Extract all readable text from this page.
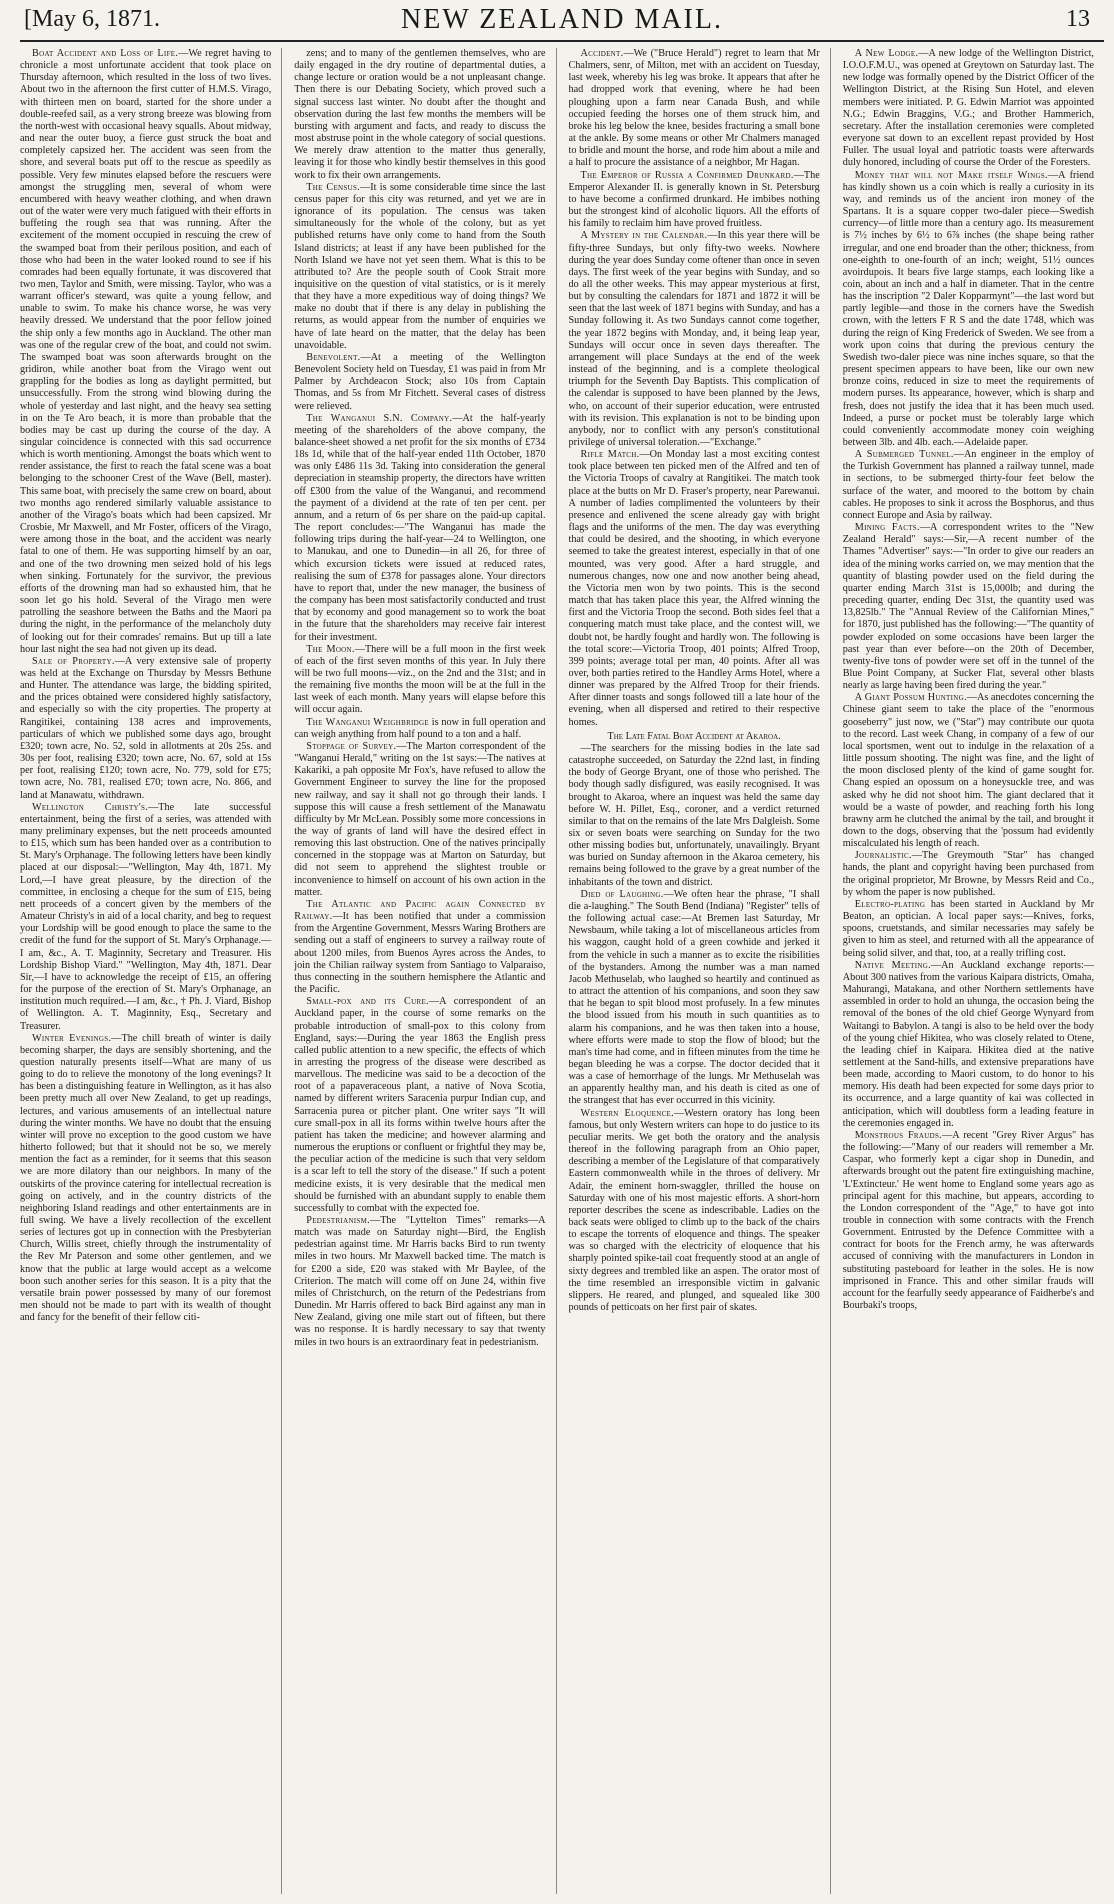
[May 6, 1871.	NEW ZEALAND MAIL.	13

Boat Accident and Loss of Life.—We regret having to chronicle a most unfortunate accident that took place on Thursday afternoon, which resulted in the loss of two lives. About two in the afternoon the first cutter of H.M.S. Virago, with thirteen men on board, started for the shore under a double-reefed sail, as a very strong breeze was blowing from the north-west with occasional heavy squalls. About midway, and near the outer buoy, a fierce gust struck the boat and completely capsized her. The accident was seen from the shore, and several boats put off to the rescue as speedily as possible. Very few minutes elapsed before the rescuers were amongst the struggling men, several of whom were encumbered with heavy weather clothing, and when drawn out of the water were very much fatigued with their efforts in buffeting the rough sea that was running. After the excitement of the moment occupied in rescuing the crew of the swamped boat from their perilous position, and each of those who had been in the water looked round to see if his comrades had been equally fortunate, it was discovered that two men, Taylor and Smith, were missing. Taylor, who was a warrant officer's steward, was quite a young fellow, and unable to swim. To make his chance worse, he was very heavily dressed. We understand that the poor fellow joined the ship only a few months ago in Auckland. The other man was one of the regular crew of the boat, and could not swim. The swamped boat was soon afterwards brought on the gridiron, while another boat from the Virago went out grappling for the bodies as long as daylight permitted, but unsuccessfully. From the strong wind blowing during the whole of yesterday and last night, and the heavy sea setting in on the Te Aro beach, it is more than probable that the bodies may be cast up during the course of the day. A singular coincidence is connected with this sad occurrence which is worth mentioning. Amongst the boats which went to render assistance, the first to reach the fatal scene was a boat belonging to the schooner Crest of the Wave (Bell, master). This same boat, with precisely the same crew on board, about two months ago rendered similarly valuable assistance to another of the Virago's boats which had been capsized. Mr Crosbie, Mr Maxwell, and Mr Foster, officers of the Virago, were among those in the boat, and the accident was nearly fatal to one of them. He was supporting himself by an oar, and one of the two drowning men seized hold of his legs when sinking. Fortunately for the survivor, the previous efforts of the drowning man had so exhausted him, that he soon let go his hold. Several of the Virago men were patrolling the seashore between the Baths and the Maori pa during the night, in the performance of the melancholy duty of looking out for their comrades' remains. But up till a late hour last night the sea had not given up its dead.

Sale of Property.—A very extensive sale of property was held at the Exchange on Thursday by Messrs Bethune and Hunter. The attendance was large, the bidding spirited, and the prices obtained were considered highly satisfactory, and especially so with the city properties. The property at Rangitikei, containing 138 acres and improvements, particulars of which we published some days ago, brought £320; town acre, No. 52, sold in allotments at 20s 25s. and 30s per foot, realising £320; town acre, No. 67, sold at 15s per foot, realising £120; town acre, No. 779, sold for £75; town acre, No. 781, realised £70; town acre, No. 866, and land at Manawatu, withdrawn.

Wellington Christy's.—The late successful entertainment, being the first of a series, was attended with many preliminary expenses, but the nett proceeds amounted to £15, which sum has been handed over as a contribution to St. Mary's Orphanage. The following letters have been kindly placed at our disposal:—"Wellington, May 4th, 1871. My Lord,—I have great pleasure, by the direction of the committee, in enclosing a cheque for the sum of £15, being nett proceeds of a concert given by the members of the Amateur Christy's in aid of a local charity, and beg to request your Lordship will be good enough to place the same to the credit of the fund for the support of St. Mary's Orphanage.—I am, &c., A. T. Maginnity, Secretary and Treasurer. His Lordship Bishop Viard." "Wellington, May 4th, 1871. Dear Sir,—I have to acknowledge the receipt of £15, an offering for the purpose of the erection of St. Mary's Orphanage, an institution much required.—I am, &c., † Ph. J. Viard, Bishop of Wellington. A. T. Maginnity, Esq., Secretary and Treasurer.

Winter Evenings.—The chill breath of winter is daily becoming sharper, the days are sensibly shortening, and the question naturally presents itself—What are many of us going to do to relieve the monotony of the long evenings? It has been a distinguishing feature in Wellington, as it has also been pretty much all over New Zealand, to get up readings, lectures, and various amusements of an intellectual nature during the winter months. We have no doubt that the ensuing winter will prove no exception to the good custom we have hitherto followed; but that it should not be so, we merely mention the fact as a reminder, for it seems that this season we are more dilatory than our neighbors. In many of the outskirts of the province catering for intellectual recreation is going on actively, and in the country districts of the neighboring Island readings and other entertainments are in full swing. We have a lively recollection of the excellent series of lectures got up in connection with the Presbyterian Church, Willis street, chiefly through the instrumentality of the Rev Mr Paterson and some other gentlemen, and we know that the public at large would accept as a welcome boon such another series for this season. It is a pity that the versatile brain power possessed by many of our foremost men should not be made to part with its wealth of thought and fancy for the benefit of their fellow citi-

zens; and to many of the gentlemen themselves, who are daily engaged in the dry routine of departmental duties, a change lecture or oration would be a not unpleasant change. Then there is our Debating Society, which proved such a signal success last winter. No doubt after the thought and observation during the last few months the members will be bursting with argument and facts, and ready to discuss the most abstruse point in the whole category of social questions. We merely draw attention to the matter thus generally, leaving it for those who kindly bestir themselves in this good work to fix their own arrangements.

The Census.—It is some considerable time since the last census paper for this city was returned, and yet we are in ignorance of its population. The census was taken simultaneously for the whole of the colony, but as yet published returns have only come to hand from the South Island districts; at least if any have been published for the North Island we have not yet seen them. What is this to be attributed to? Are the people south of Cook Strait more inquisitive on the question of vital statistics, or is it merely that they have a more expeditious way of doing things? We make no doubt that if there is any delay in publishing the returns, as would appear from the number of enquiries we have of late heard on the matter, that the delay has been unavoidable.

Benevolent.—At a meeting of the Wellington Benevolent Society held on Tuesday, £1 was paid in from Mr Palmer by Archdeacon Stock; also 10s from Captain Thomas, and 5s from Mr Fitchett. Several cases of distress were relieved.

The Wanganui S.N. Company.—At the half-yearly meeting of the shareholders of the above company, the balance-sheet showed a net profit for the six months of £734 18s 1d, while that of the half-year ended 11th October, 1870 was only £486 11s 3d. Taking into consideration the general depreciation in steamship property, the directors have written off £300 from the value of the Wanganui, and recommend the payment of a dividend at the rate of ten per cent. per annum, and a return of 6s per share on the paid-up capital. The report concludes:—"The Wanganui has made the following trips during the half-year—24 to Wellington, one to Manukau, and one to Dunedin—in all 26, for three of which excursion tickets were issued at reduced rates, realising the sum of £378 for passages alone. Your directors have to report that, under the new manager, the business of the company has been most satisfactorily conducted and trust that by economy and good management so to work the boat in the future that the shareholders may receive fair interest for their investment.

The Moon.—There will be a full moon in the first week of each of the first seven months of this year. In July there will be two full moons—viz., on the 2nd and the 31st; and in the remaining five months the moon will be at the full in the last week of each month. Many years will elapse before this will occur again.

The Wanganui Weighbridge is now in full operation and can weigh anything from half pound to a ton and a half.

Stoppage of Survey.—The Marton correspondent of the "Wanganui Herald," writing on the 1st says:—The natives at Kakariki, a pah opposite Mr Fox's, have refused to allow the Government Engineer to survey the line for the proposed new railway, and say it shall not go through their lands. I suppose this will cause a fresh settlement of the Manawatu difficulty by Mr McLean. Possibly some more concessions in the way of grants of land will have the desired effect in removing this last obstruction. One of the natives principally concerned in the stoppage was at Marton on Saturday, but did not seem to apprehend the slightest trouble or inconvenience to himself on account of his own action in the matter.

The Atlantic and Pacific again Connected by Railway.—It has been notified that under a commission from the Argentine Government, Messrs Waring Brothers are sending out a staff of engineers to survey a railway route of about 1200 miles, from Buenos Ayres across the Andes, to join the Chilian railway system from Santiago to Valparaiso, thus connecting in the southern hemisphere the Atlantic and the Pacific.

Small-pox and its Cure.—A correspondent of an Auckland paper, in the course of some remarks on the probable introduction of small-pox to this colony from England, says:—During the year 1863 the English press called public attention to a new specific, the effects of which in arresting the progress of the disease were described as marvellous. The medicine was said to be a decoction of the root of a papaveraceous plant, a native of Nova Scotia, named by different writers Saracenia purpur Indian cup, and Sarracenia purea or pitcher plant. One writer says "It will cure small-pox in all its forms within twelve hours after the patient has taken the medicine; and however alarming and numerous the eruptions or confluent or frightful they may be, the peculiar action of the medicine is such that very seldom is a scar left to tell the story of the disease." If such a potent medicine exists, it is very desirable that the medical men should be furnished with an abundant supply to enable them successfully to combat with the expected foe.

Pedestrianism.—The "Lyttelton Times" remarks—A match was made on Saturday night—Bird, the English pedestrian against time. Mr Harris backs Bird to run twenty miles in two hours. Mr Maxwell backed time. The match is for £200 a side, £20 was staked with Mr Baylee, of the Criterion. The match will come off on June 24, within five miles of Christchurch, on the return of the Pedestrians from Dunedin. Mr Harris offered to back Bird against any man in New Zealand, giving one mile start out of fifteen, but there was no response. It is hardly necessary to say that twenty miles in two hours is an extraordinary feat in pedestrianism.

Accident.—We ("Bruce Herald") regret to learn that Mr Chalmers, senr, of Milton, met with an accident on Tuesday, last week, whereby his leg was broke. It appears that after he had dropped work that evening, where he had been ploughing upon a farm near Canada Bush, and while occupied feeding the horses one of them struck him, and broke his leg below the knee, besides fracturing a small bone at the ankle. By some means or other Mr Chalmers managed to bridle and mount the horse, and rode him about a mile and a half to procure the assistance of a neighbor, Mr Hagan.

The Emperor of Russia a Confirmed Drunkard.—The Emperor Alexander II. is generally known in St. Petersburg to have become a confirmed drunkard. He imbibes nothing but the strongest kind of alcoholic liquors. All the efforts of his family to reclaim him have proved fruitless.

A Mystery in the Calendar.—In this year there will be fifty-three Sundays, but only fifty-two weeks. Nowhere during the year does Sunday come oftener than once in seven days. The first week of the year begins with Sunday, and so do all the other weeks. This may appear mysterious at first, but by consulting the calendars for 1871 and 1872 it will be seen that the last week of 1871 begins with Sunday, and has a Sunday following it. As two Sundays cannot come together, the year 1872 begins with Monday, and, it being leap year, Sundays will occur once in seven days thereafter. The arrangement will place Sundays at the end of the week instead of the beginning, and is a complete theological triumph for the Seventh Day Baptists. This complication of the calendar is supposed to have been planned by the Jews, who, on account of their superior education, were entrusted with its revision. This explanation is not to be binding upon anybody, nor to conflict with any person's constitutional privilege of universal toleration.—"Exchange."

Rifle Match.—On Monday last a most exciting contest took place between ten picked men of the Alfred and ten of the Victoria Troops of cavalry at Rangitikei. The match took place at the butts on Mr D. Fraser's property, near Parewanui. A number of ladies complimented the volunteers by their presence and enlivened the scene already gay with bright flags and the uniforms of the men. The day was everything that could be desired, and the shooting, in which everyone seemed to take the greatest interest, especially in that of one mounted, was very good. After a hard struggle, and numerous changes, now one and now another being ahead, the Victoria men won by two points. This is the second match that has taken place this year, the Alfred winning the first and the Victoria Troop the second. Both sides feel that a conquering match must take place, and the contest will, we doubt not, be hardly fought and hardly won. The following is the total score:—Victoria Troop, 401 points; Alfred Troop, 399 points; average total per man, 40 points. After all was over, both parties retired to the Handley Arms Hotel, where a dinner was prepared by the Alfred Troop for their friends. After dinner toasts and songs followed till a late hour of the evening, when all dispersed and retired to their respective homes.

The Late Fatal Boat Accident at Akaroa.

—The searchers for the missing bodies in the late sad catastrophe succeeded, on Saturday the 22nd last, in finding the body of George Bryant, one of those who perished. The body though sadly disfigured, was easily recognised. It was brought to Akaroa, where an inquest was held the same day before W. H. Pillet, Esq., coroner, and a verdict returned similar to that on the remains of the late Mrs Dalgleish. Some six or seven boats were searching on Sunday for the two other missing bodies but, unfortunately, unavailingly. Bryant was buried on Sunday afternoon in the Akaroa cemetery, his remains being followed to the grave by a great number of the inhabitants of the town and district.

Died of Laughing.—We often hear the phrase, "I shall die a-laughing." The South Bend (Indiana) "Register" tells of the following actual case:—At Bremen last Saturday, Mr Newsbaum, while taking a lot of miscellaneous articles from his waggon, caught hold of a green cowhide and jerked it from the vehicle in such a manner as to excite the risibilities of the bystanders. Among the number was a man named Jacob Methuselab, who laughed so heartily and continued as to attract the attention of his companions, and soon they saw that he began to spit blood most profusely. In a few minutes the blood issued from his mouth in such quantities as to alarm his companions, and he was then taken into a house, where efforts were made to stop the flow of blood; but the man's time had come, and in fifteen minutes from the time he began bleeding he was a corpse. The doctor decided that it was a case of hemorrhage of the lungs. Mr Methuselah was an apparently healthy man, and his death is cited as one of the strangest that has ever occurred in this vicinity.

Western Eloquence.—Western oratory has long been famous, but only Western writers can hope to do justice to its peculiar merits. We get both the oratory and the analysis thereof in the following paragraph from an Ohio paper, describing a member of the Legislature of that comparatively Eastern commonwealth while in the throes of delivery. Mr Adair, the eminent horn-swaggler, thrilled the house on Saturday with one of his most majestic efforts. A short-horn reporter describes the scene as indescribable. Ladies on the back seats were obliged to climb up to the back of the chairs to escape the torrents of eloquence and things. The speaker was so charged with the electricity of eloquence that his sharply pointed spike-tail coat frequently stood at an angle of sixty degrees and trembled like an aspen. The orator most of the time resembled an irresponsible victim in galvanic slippers. He reared, and plunged, and squealed like 300 pounds of petticoats on her first pair of skates.

A New Lodge.—A new lodge of the Wellington District, I.O.O.F.M.U., was opened at Greytown on Saturday last. The new lodge was formally opened by the District Officer of the Wellington District, at the Rising Sun Hotel, and eleven members were initiated. P. G. Edwin Marriot was appointed N.G.; Edwin Braggins, V.G.; and Brother Hammerich, secretary. After the installation ceremonies were completed everyone sat down to an excellent repast provided by Host Fuller. The usual loyal and patriotic toasts were afterwards duly honored, including of course the Order of the Foresters.

Money that will not Make itself Wings.—A friend has kindly shown us a coin which is really a curiosity in its way, and reminds us of the ancient iron money of the Spartans. It is a square copper two-daler piece—Swedish currency—of little more than a century ago. Its measurement is 7½ inches by 6½ to 6⅞ inches (the shape being rather irregular, and one end broader than the other; thickness, from one-eighth to one-fourth of an inch; weight, 51½ ounces avoirdupois. It bears five large stamps, each looking like a coin, about an inch and a half in diameter. That in the centre has the inscription "2 Daler Kopparmynt"—the last word but partly legible—and those in the corners have the Swedish crown, with the letters F R S and the date 1748, which was during the reign of King Frederick of Sweden. We see from a work upon coins that during the previous century the Swedish two-daler piece was nine inches square, so that the present specimen appears to have been, like our own new bronze coins, reduced in size to meet the requirements of modern purses. Its appearance, however, which is sharp and fresh, does not justify the idea that it has been much used. Indeed, a purse or pocket must be tolerably large which could conveniently accommodate money coin weighing between 3lb. and 4lb. each.—Adelaide paper.

A Submerged Tunnel.—An engineer in the employ of the Turkish Government has planned a railway tunnel, made in sections, to be submerged thirty-four feet below the surface of the water, and moored to the bottom by chain cables. He proposes to sink it across the Bosphorus, and thus connect Europe and Asia by railway.

Mining Facts.—A correspondent writes to the "New Zealand Herald" says:—Sir,—A recent number of the Thames "Advertiser" says:—"In order to give our readers an idea of the mining works carried on, we may mention that the quantity of blasting powder used on the field during the quarter ending March 31st is 15,000lb; and during the preceding quarter, ending Dec 31st, the quantity used was 13,825lb." The "Annual Review of the Californian Mines," for 1870, just published has the following:—"The quantity of powder exploded on some occasions have been larger the past year than ever before—on the 20th of December, twenty-five tons of powder were set off in the tunnel of the Blue Point Company, at Sucker Flat, several other blasts nearly as large having been fired during the year."

A Giant Possum Hunting.—As anecdotes concerning the Chinese giant seem to take the place of the "enormous gooseberry" just now, we ("Star") may contribute our quota to the record. Last week Chang, in company of a few of our local sportsmen, went out to indulge in the relaxation of a little possum shooting. The night was fine, and the light of the moon disclosed plenty of the kind of game sought for. Chang espied an opossum on a honeysuckle tree, and was asked why he did not shoot him. The giant declared that it would be a waste of powder, and reaching forth his long brawny arm he clutched the animal by the tail, and brought it down to the dogs, observing that the 'possum had evidently miscalculated his length of reach.

Journalistic.—The Greymouth "Star" has changed hands, the plant and copyright having been purchased from the original proprietor, Mr Browne, by Messrs Reid and Co., by whom the paper is now published.

Electro-plating has been started in Auckland by Mr Beaton, an optician. A local paper says:—Knives, forks, spoons, cruetstands, and similar necessaries may safely be given to him as steel, and returned with all the appearance of being solid silver, and that, too, at a really trifling cost.

Native Meeting.—An Auckland exchange reports:—About 300 natives from the various Kaipara districts, Omaha, Mahurangi, Matakana, and other Northern settlements have assembled in order to hold an uhunga, the occasion being the removal of the bones of the old chief George Wynyard from Waitangi to Babylon. A tangi is also to be held over the body of the young chief Hikitea, who was closely related to Otene, the leading chief in Kaipara. Hikitea died at the native settlement at the Sand-hills, and extensive preparations have been made, according to Maori custom, to do honor to his memory. His death had been expected for some days prior to its occurrence, and a large quantity of kai was collected in anticipation, which will doubtless form a leading feature in the ceremonies engaged in.

Monstrous Frauds.—A recent "Grey River Argus" has the following:—"Many of our readers will remember a Mr. Caspar, who formerly kept a cigar shop in Dunedin, and afterwards brought out the patent fire extinguishing machine, 'L'Extincteur.' He went home to England some years ago as principal agent for this machine, but appears, according to the London correspondent of the "Age," to have got into trouble in connection with some contracts with the French Government. Entrusted by the Defence Committee with a contract for boots for the French army, he was afterwards accused of conniving with the manufacturers in London in substituting pasteboard for leather in the soles. He is now imprisoned in France. This and other similar frauds will account for the fearfully seedy appearance of Faidherbe's and Bourbaki's troops,
